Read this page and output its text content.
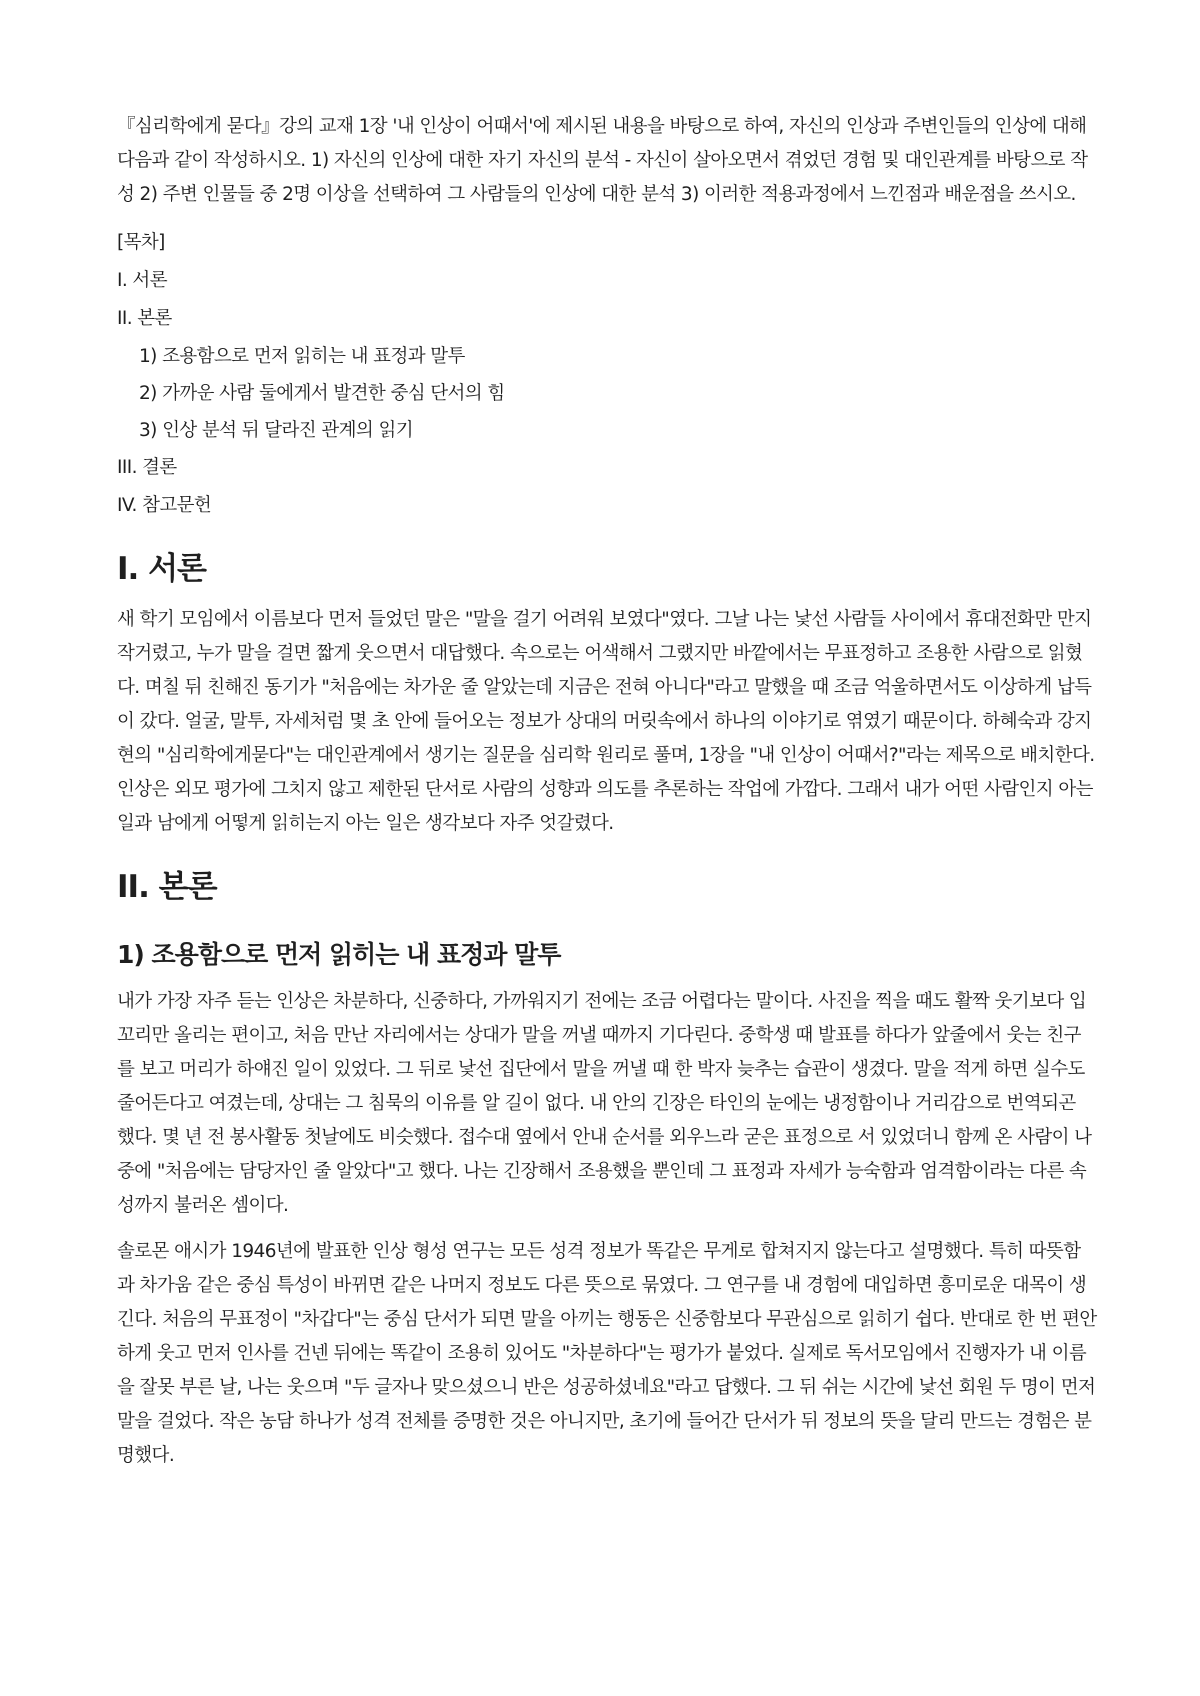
『심리학에게 묻다』강의 교재 1장 '내 인상이 어때서'에 제시된 내용을 바탕으로 하여, 자신의 인상과 주변인들의 인상에 대해 다음과 같이 작성하시오. 1) 자신의 인상에 대한 자기 자신의 분석 - 자신이 살아오면서 겪었던 경험 및 대인관계를 바탕으로 작성 2) 주변 인물들 중 2명 이상을 선택하여 그 사람들의 인상에 대한 분석 3) 이러한 적용과정에서 느낀점과 배운점을 쓰시오.

[목차]

I. 서론

II. 본론

1) 조용함으로 먼저 읽히는 내 표정과 말투

2) 가까운 사람 둘에게서 발견한 중심 단서의 힘

3) 인상 분석 뒤 달라진 관계의 읽기

III. 결론

IV. 참고문헌

I. 서론

새 학기 모임에서 이름보다 먼저 들었던 말은 "말을 걸기 어려워 보였다"였다. 그날 나는 낯선 사람들 사이에서 휴대전화만 만지작거렸고, 누가 말을 걸면 짧게 웃으면서 대답했다. 속으로는 어색해서 그랬지만 바깥에서는 무표정하고 조용한 사람으로 읽혔다. 며칠 뒤 친해진 동기가 "처음에는 차가운 줄 알았는데 지금은 전혀 아니다"라고 말했을 때 조금 억울하면서도 이상하게 납득이 갔다. 얼굴, 말투, 자세처럼 몇 초 안에 들어오는 정보가 상대의 머릿속에서 하나의 이야기로 엮였기 때문이다. 하혜숙과 강지현의 "심리학에게묻다"는 대인관계에서 생기는 질문을 심리학 원리로 풀며, 1장을 "내 인상이 어때서?"라는 제목으로 배치한다. 인상은 외모 평가에 그치지 않고 제한된 단서로 사람의 성향과 의도를 추론하는 작업에 가깝다. 그래서 내가 어떤 사람인지 아는 일과 남에게 어떻게 읽히는지 아는 일은 생각보다 자주 엇갈렸다.

II. 본론
1) 조용함으로 먼저 읽히는 내 표정과 말투

내가 가장 자주 듣는 인상은 차분하다, 신중하다, 가까워지기 전에는 조금 어렵다는 말이다. 사진을 찍을 때도 활짝 웃기보다 입꼬리만 올리는 편이고, 처음 만난 자리에서는 상대가 말을 꺼낼 때까지 기다린다. 중학생 때 발표를 하다가 앞줄에서 웃는 친구를 보고 머리가 하얘진 일이 있었다. 그 뒤로 낯선 집단에서 말을 꺼낼 때 한 박자 늦추는 습관이 생겼다. 말을 적게 하면 실수도 줄어든다고 여겼는데, 상대는 그 침묵의 이유를 알 길이 없다. 내 안의 긴장은 타인의 눈에는 냉정함이나 거리감으로 번역되곤 했다. 몇 년 전 봉사활동 첫날에도 비슷했다. 접수대 옆에서 안내 순서를 외우느라 굳은 표정으로 서 있었더니 함께 온 사람이 나중에 "처음에는 담당자인 줄 알았다"고 했다. 나는 긴장해서 조용했을 뿐인데 그 표정과 자세가 능숙함과 엄격함이라는 다른 속성까지 불러온 셈이다.

솔로몬 애시가 1946년에 발표한 인상 형성 연구는 모든 성격 정보가 똑같은 무게로 합쳐지지 않는다고 설명했다. 특히 따뜻함과 차가움 같은 중심 특성이 바뀌면 같은 나머지 정보도 다른 뜻으로 묶였다. 그 연구를 내 경험에 대입하면 흥미로운 대목이 생긴다. 처음의 무표정이 "차갑다"는 중심 단서가 되면 말을 아끼는 행동은 신중함보다 무관심으로 읽히기 쉽다. 반대로 한 번 편안하게 웃고 먼저 인사를 건넨 뒤에는 똑같이 조용히 있어도 "차분하다"는 평가가 붙었다. 실제로 독서모임에서 진행자가 내 이름을 잘못 부른 날, 나는 웃으며 "두 글자나 맞으셨으니 반은 성공하셨네요"라고 답했다. 그 뒤 쉬는 시간에 낯선 회원 두 명이 먼저 말을 걸었다. 작은 농담 하나가 성격 전체를 증명한 것은 아니지만, 초기에 들어간 단서가 뒤 정보의 뜻을 달리 만드는 경험은 분명했다.
